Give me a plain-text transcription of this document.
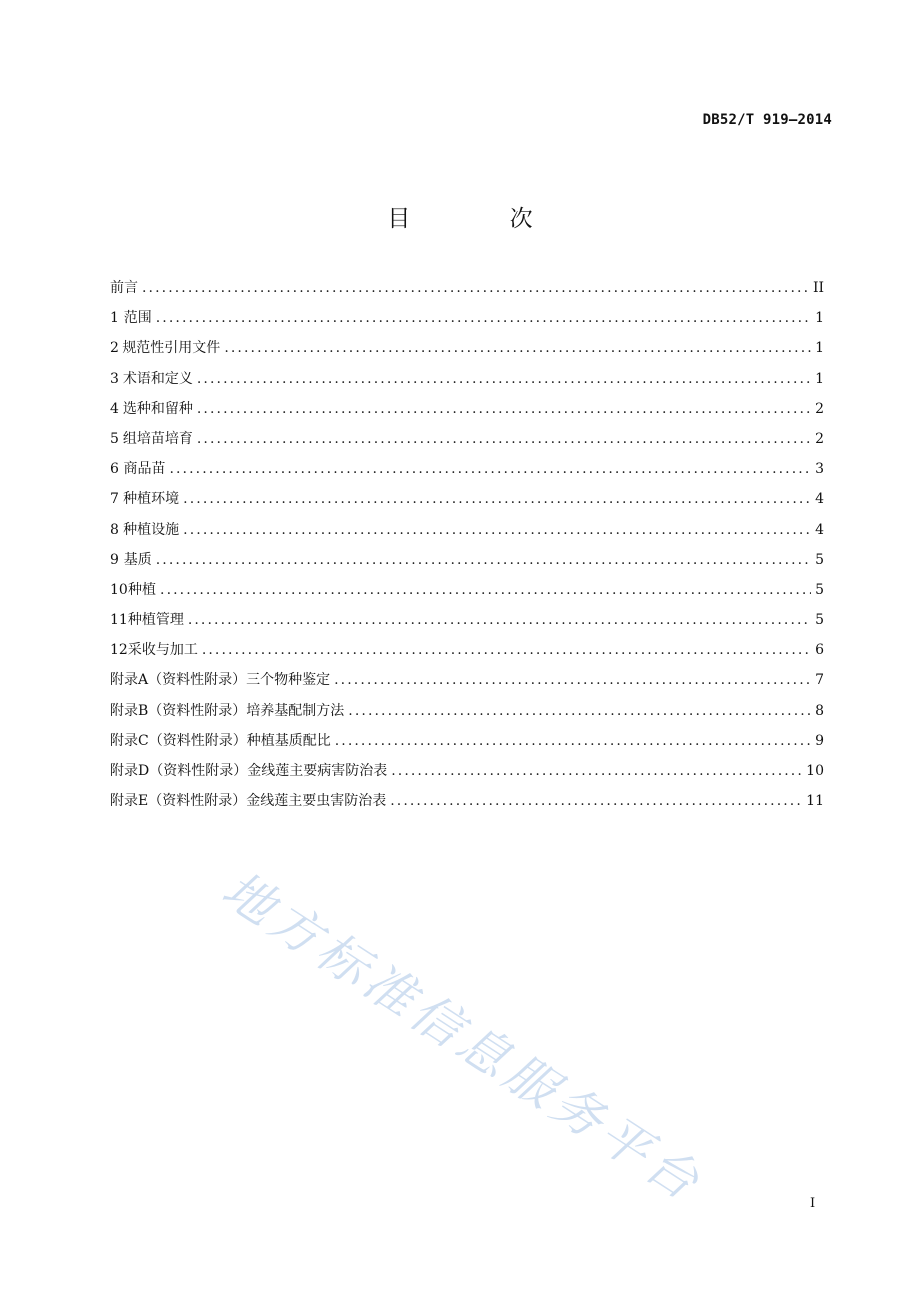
DB52/T 919—2014
目 次
前言 .....	II
1 范围 .....	1
2 规范性引用文件 .....	1
3 术语和定义 .....	1
4 选种和留种 .....	2
5 组培苗培育 .....	2
6 商品苗 .....	3
7 种植环境 .....	4
8 种植设施 .....	4
9 基质 .....	5
10 种植 .....	5
11 种植管理 .....	5
12 采收与加工 .....	6
附录A（资料性附录） 三个物种鉴定 .....	7
附录B（资料性附录） 培养基配制方法 .....	8
附录C（资料性附录） 种植基质配比 .....	9
附录D（资料性附录） 金线莲主要病害防治表 .....	10
附录E（资料性附录） 金线莲主要虫害防治表 .....	11
地方标准信息服务平台	I
